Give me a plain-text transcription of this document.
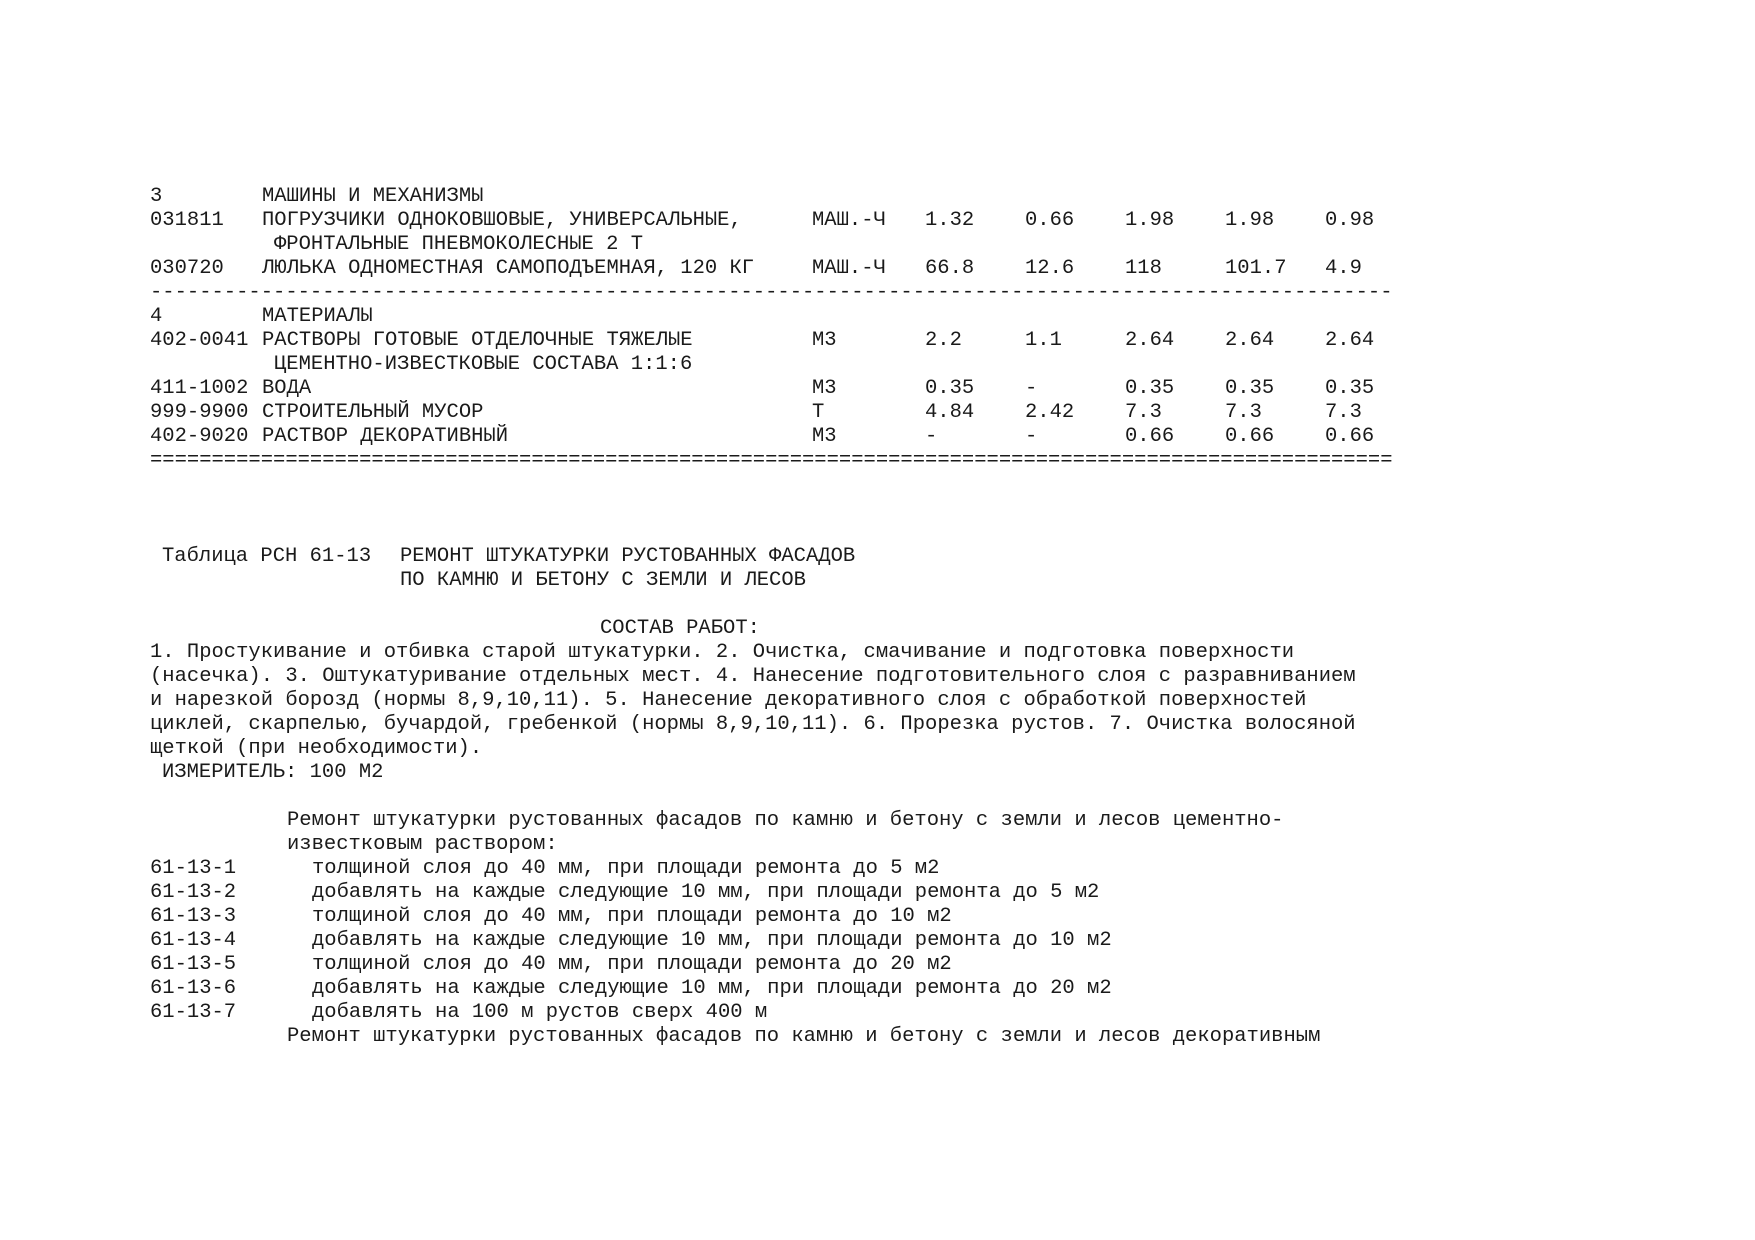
3	МАШИНЫ И МЕХАНИЗМЫ
031811 ПОГРУЗЧИКИ ОДНОКОВШОВЫЕ, УНИВЕРСАЛЬНЫЕ,	МАШ.-Ч 1.32 0.66 1.98 1.98 0.98
ФРОНТАЛЬНЫЕ ПНЕВМОКОЛЕСНЫЕ 2 Т
030720 ЛЮЛЬКА ОДНОМЕСТНАЯ САМОПОДЪЕМНАЯ, 120 КГ	МАШ.-Ч 66.8 12.6 118	101.7 4.9
-----------------------------------------------------------------------------------------------------
4	МАТЕРИАЛЫ
402-0041 РАСТВОРЫ ГОТОВЫЕ ОТДЕЛОЧНЫЕ ТЯЖЕЛЫЕ	М3	2.2	1.1	2.64 2.64 2.64
ЦЕМЕНТНО-ИЗВЕСТКОВЫЕ СОСТАВА 1:1:6
411-1002 ВОДА	М3	0.35 -	0.35 0.35 0.35
999-9900 СТРОИТЕЛЬНЫЙ МУСОР	Т	4.84 2.42 7.3	7.3	7.3
402-9020 РАСТВОР ДЕКОРАТИВНЫЙ	М3	-	-	0.66 0.66 0.66
=====================================================================================================
Таблица РСН 61-13 РЕМОНТ ШТУКАТУРКИ РУСТОВАННЫХ ФАСАДОВ
ПО КАМНЮ И БЕТОНУ С ЗЕМЛИ И ЛЕСОВ
СОСТАВ РАБОТ:
1. Простукивание и отбивка старой штукатурки. 2. Очистка, смачивание и подготовка поверхности
(насечка). 3. Оштукатуривание отдельных мест. 4. Нанесение подготовительного слоя с разравниванием
и нарезкой борозд (нормы 8,9,10,11). 5. Нанесение декоративного слоя с обработкой поверхностей
циклей, скарпелью, бучардой, гребенкой (нормы 8,9,10,11). 6. Прорезка рустов. 7. Очистка волосяной
щеткой (при необходимости).
ИЗМЕРИТЕЛЬ: 100 М2
Ремонт штукатурки рустованных фасадов по камню и бетону с земли и лесов цементно-
известковым раствором:
61-13-1	толщиной слоя до 40 мм, при площади ремонта до 5 м2
61-13-2	добавлять на каждые следующие 10 мм, при площади ремонта до 5 м2
61-13-3	толщиной слоя до 40 мм, при площади ремонта до 10 м2
61-13-4	добавлять на каждые следующие 10 мм, при площади ремонта до 10 м2
61-13-5	толщиной слоя до 40 мм, при площади ремонта до 20 м2
61-13-6	добавлять на каждые следующие 10 мм, при площади ремонта до 20 м2
61-13-7	добавлять на 100 м рустов сверх 400 м
Ремонт штукатурки рустованных фасадов по камню и бетону с земли и лесов декоративным
